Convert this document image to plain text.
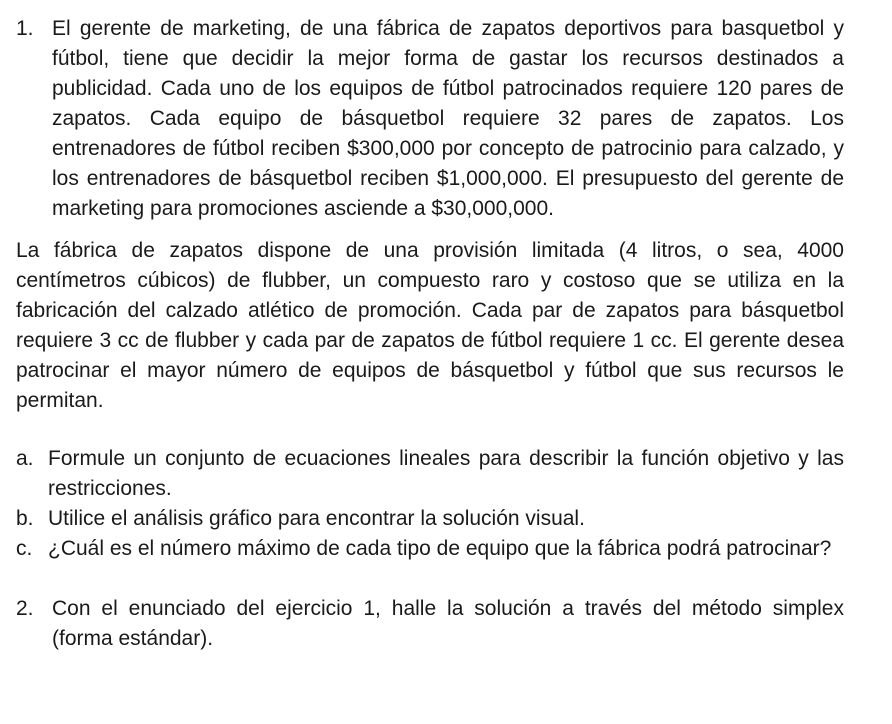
1. El gerente de marketing, de una fábrica de zapatos deportivos para basquetbol y fútbol, tiene que decidir la mejor forma de gastar los recursos destinados a publicidad. Cada uno de los equipos de fútbol patrocinados requiere 120 pares de zapatos. Cada equipo de básquetbol requiere 32 pares de zapatos. Los entrenadores de fútbol reciben $300,000 por concepto de patrocinio para calzado, y los entrenadores de básquetbol reciben $1,000,000. El presupuesto del gerente de marketing para promociones asciende a $30,000,000.

La fábrica de zapatos dispone de una provisión limitada (4 litros, o sea, 4000 centímetros cúbicos) de flubber, un compuesto raro y costoso que se utiliza en la fabricación del calzado atlético de promoción. Cada par de zapatos para básquetbol requiere 3 cc de flubber y cada par de zapatos de fútbol requiere 1 cc. El gerente desea patrocinar el mayor número de equipos de básquetbol y fútbol que sus recursos le permitan.

a. Formule un conjunto de ecuaciones lineales para describir la función objetivo y las restricciones.

b. Utilice el análisis gráfico para encontrar la solución visual.

c. ¿Cuál es el número máximo de cada tipo de equipo que la fábrica podrá patrocinar?

2. Con el enunciado del ejercicio 1, halle la solución a través del método simplex (forma estándar).
